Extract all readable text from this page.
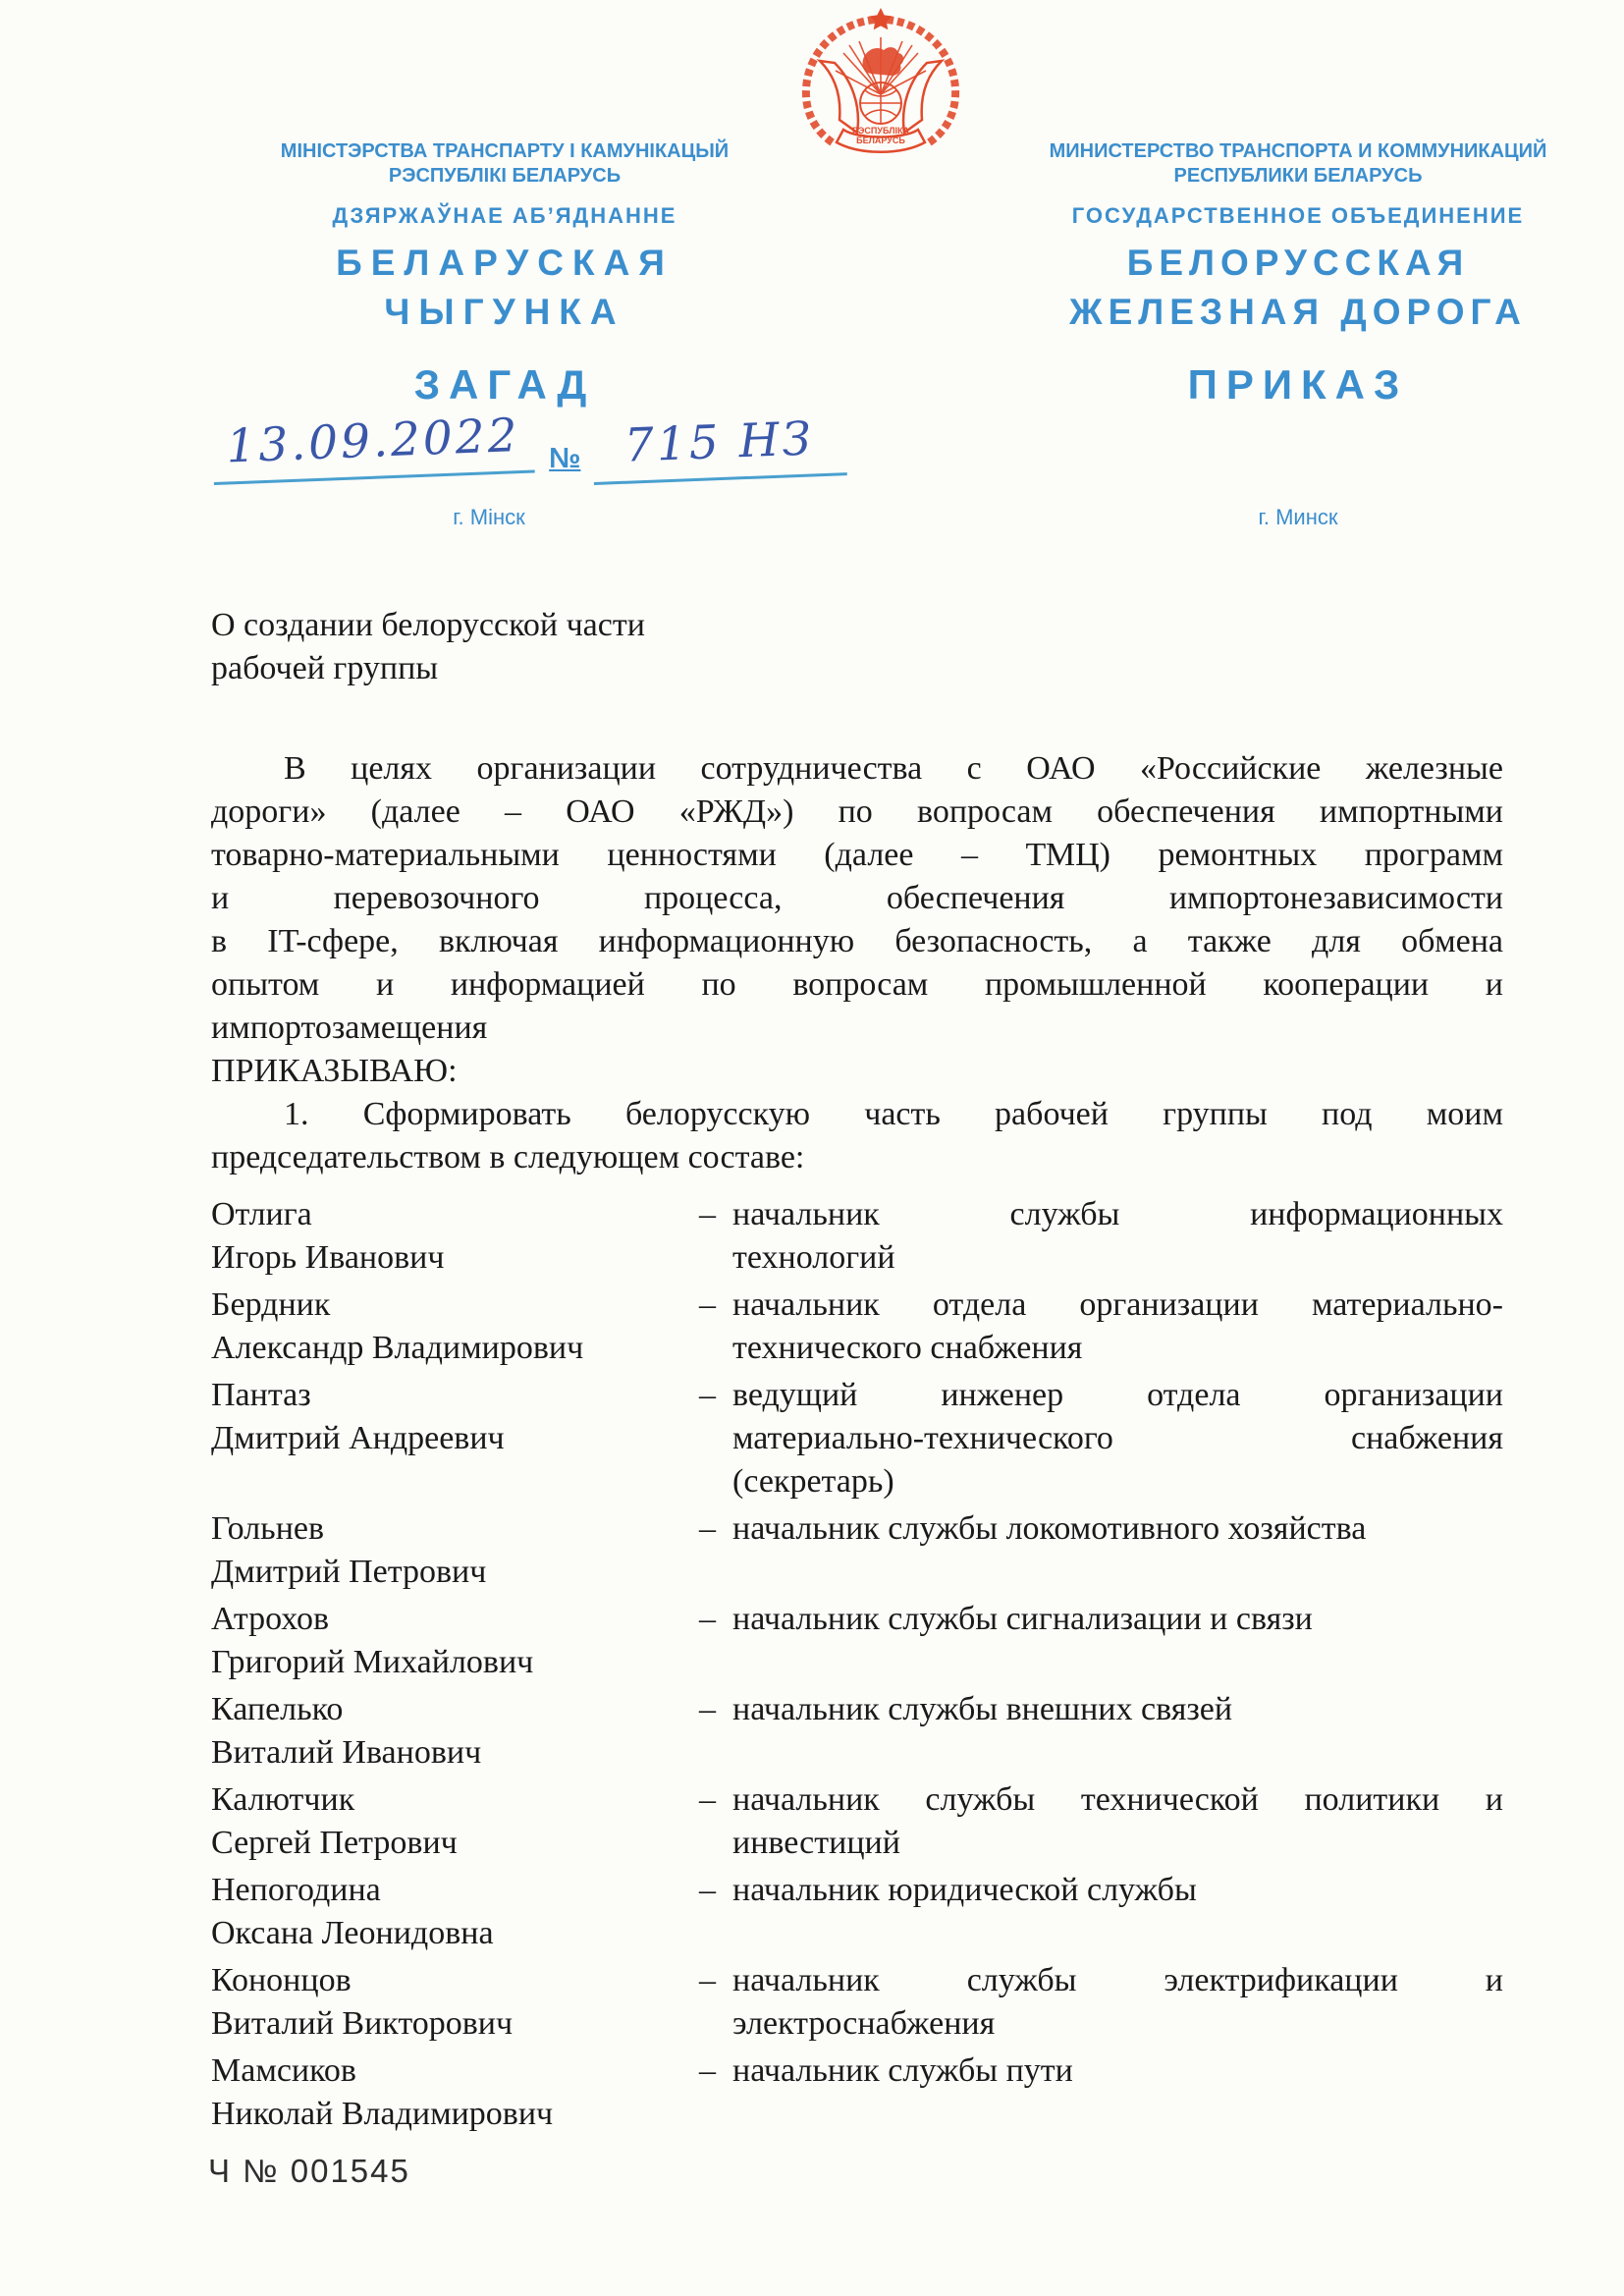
РЭСПУБЛІКА
БЕЛАРУСЬ
МІНІСТЭРСТВА ТРАНСПАРТУ І КАМУНІКАЦЫЙ
РЭСПУБЛІКІ БЕЛАРУСЬ
ДЗЯРЖАЎНАЕ АБ’ЯДНАННЕ
БЕЛАРУСКАЯ
ЧЫГУНКА
МИНИСТЕРСТВО ТРАНСПОРТА И КОММУНИКАЦИЙ
РЕСПУБЛИКИ БЕЛАРУСЬ
ГОСУДАРСТВЕННОЕ ОБЪЕДИНЕНИЕ
БЕЛОРУССКАЯ
ЖЕЛЕЗНАЯ ДОРОГА
ЗАГАД	ПРИКАЗ
13.09.2022 № 715 НЗ
г. Мінск	г. Минск
О создании белорусской части
рабочей группы
В целях организации сотрудничества с ОАО «Российские железные
дороги» (далее – ОАО «РЖД») по вопросам обеспечения импортными
товарно-материальными ценностями (далее – ТМЦ) ремонтных программ
и перевозочного процесса, обеспечения импортонезависимости
в IT-сфере, включая информационную безопасность, а также для обмена
опытом и информацией по вопросам промышленной кооперации и
импортозамещения
ПРИКАЗЫВАЮ:
1. Сформировать белорусскую часть рабочей группы под моим
председательством в следующем составе:
Отлига
Игорь Иванович
– начальник службы информационных
технологий
Бердник
Александр Владимирович
– начальник отдела организации материально-
технического снабжения
Пантаз
Дмитрий Андреевич
– ведущий инженер отдела организации
материально-технического снабжения
(секретарь)
Гольнев
Дмитрий Петрович
– начальник службы локомотивного хозяйства
Атрохов
Григорий Михайлович
– начальник службы сигнализации и связи
Капелько
Виталий Иванович
– начальник службы внешних связей
Калютчик
Сергей Петрович
– начальник службы технической политики и
инвестиций
Непогодина
Оксана Леонидовна
– начальник юридической службы
Кононцов
Виталий Викторович
– начальник службы электрификации и
электроснабжения
Мамсиков
Николай Владимирович
– начальник службы пути
Ч № 001545
